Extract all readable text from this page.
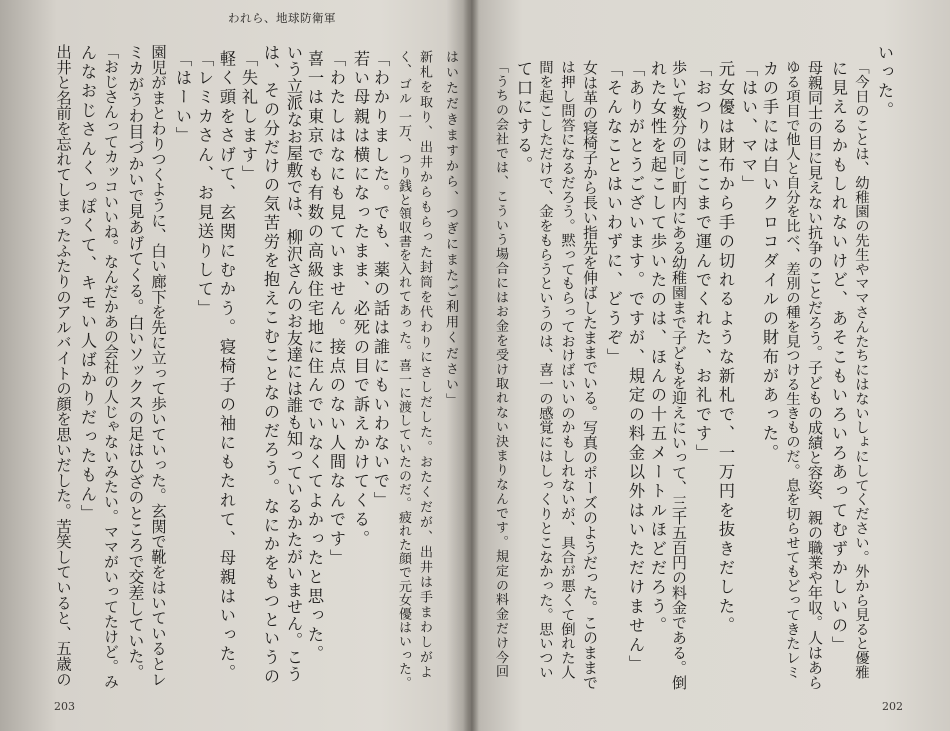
われら、地球防衛軍
はいただきますから、つぎにまたご利用ください」
新札を取り、出井からもらった封筒を代わりにさしだした。おたくだが、出井は手まわしがよ
く、ゴル 一万、つり銭と領収書を入れてあった。喜一に渡していたのだ。疲れた顔で元女優はいった。
「わかりました。でも、薬の話は誰にもいわないで」
若い母親は横になったまま、必死の目で訴えかけてくる。
「わたしはなにも見ていません。接点のない人間なんです」
喜一は東京でも有数の高級住宅地に住んでいなくてよかったと思った。
いう立派なお屋敷では、柳沢さんのお友達には誰も知っているかたがいません。こう
は、その分だけの気苦労を抱えこむことなのだろう。なにかをもつというの
「失礼します」
軽く頭をさげて、玄関にむかう。寝椅子の袖にもたれて、母親はいった。
「レミカさん、お見送りして」
「はーい」
園児がまとわりつくように、白い廊下を先に立って歩いていった。玄関で靴をはいているとレ
ミカがうわ目づかいで見あげてくる。白いソックスの足はひざのところで交差していた。
「おじさんってカッコいいね。なんだかあの会社の人じゃないみたい。ママがいってたけど。み
んなおじさんくっぽくて、キモい人ばかりだったもん」
出井と名前を忘れてしまったふたりのアルバイトの顔を思いだした。苦笑していると、五歳の
203
いった。
「今日のことは、幼稚園の先生やママさんたちにはないしょにしてください。外から見ると優雅
に見えるかもしれないけど、あそこもいろいろあってむずかしいの」
母親同士の目に見えない抗争のことだろう。子どもの成績と容姿、親の職業や年収。人はあら
ゆる項目で他人と自分を比べ、差別の種を見つける生きものだ。息を切らせてもどってきたレミ
カの手には白いクロコダイルの財布があった。
「はい、ママ」
元女優は財布から手の切れるような新札で、一万円を抜きだした。
「おつりはここまで運んでくれた、お礼です」
歩いて数分の同じ町内にある幼稚園まで子どもを迎えにいって、三千五百円の料金である。倒
れた女性を起こして歩いたのは、ほんの十五メートルほどだろう。
「ありがとうございます。ですが、規定の料金以外はいただけません」
「そんなことはいわずに、どうぞ」
女は革の寝椅子から長い指先を伸ばしたままでいる。写真のポーズのようだった。このままで
は押し問答になるだろう。黙ってもらっておけばいいのかもしれないが、具合が悪くて倒れた人
間を起こしただけで、金をもらうというのは、喜一の感覚にはしっくりとこなかった。思いつい
て口にする。
「うちの会社では、こういう場合にはお金を受け取れない決まりなんです。規定の料金だけ今回
202
